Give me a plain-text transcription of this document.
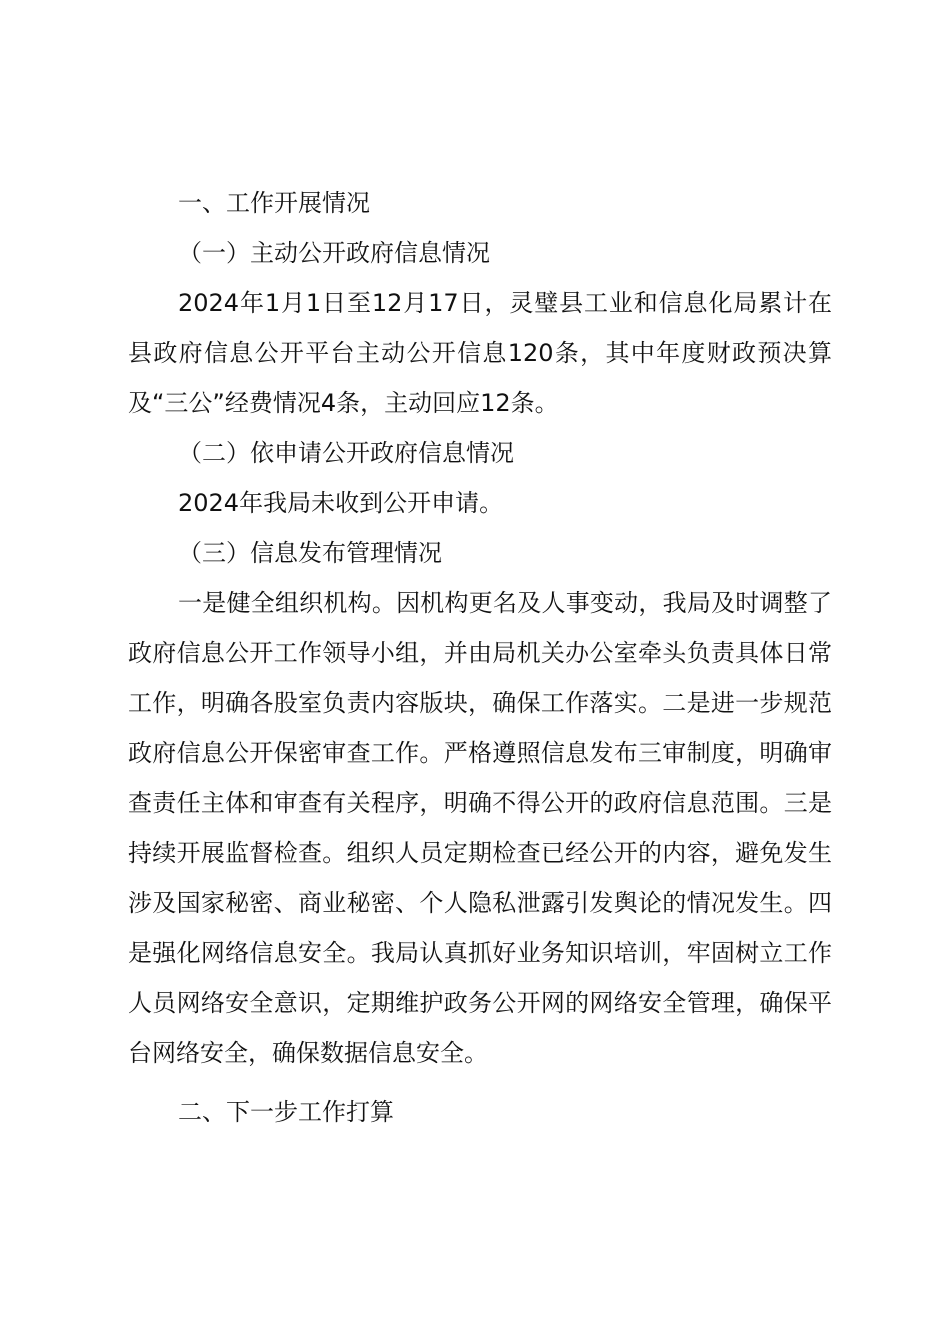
一、工作开展情况

（一）主动公开政府信息情况

2024年1月1日至12月17日，灵璧县工业和信息化局累计在县政府信息公开平台主动公开信息120条，其中年度财政预决算及“三公”经费情况4条，主动回应12条。

（二）依申请公开政府信息情况

2024年我局未收到公开申请。

（三）信息发布管理情况

一是健全组织机构。因机构更名及人事变动，我局及时调整了政府信息公开工作领导小组，并由局机关办公室牵头负责具体日常工作，明确各股室负责内容版块，确保工作落实。二是进一步规范政府信息公开保密审查工作。严格遵照信息发布三审制度，明确审查责任主体和审查有关程序，明确不得公开的政府信息范围。三是持续开展监督检查。组织人员定期检查已经公开的内容，避免发生涉及国家秘密、商业秘密、个人隐私泄露引发舆论的情况发生。四是强化网络信息安全。我局认真抓好业务知识培训，牢固树立工作人员网络安全意识，定期维护政务公开网的网络安全管理，确保平台网络安全，确保数据信息安全。

二、下一步工作打算
